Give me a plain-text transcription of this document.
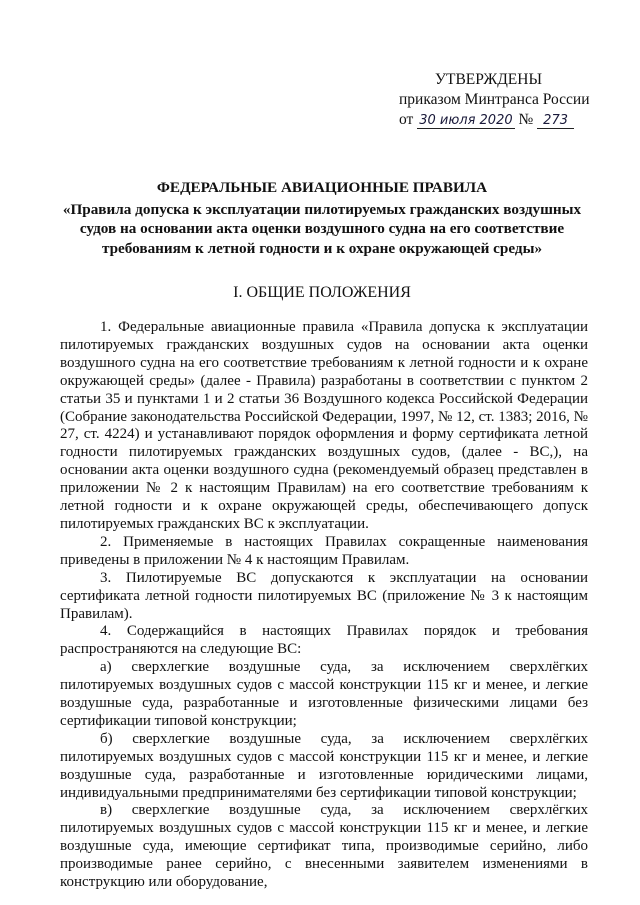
УТВЕРЖДЕНЫ
приказом Минтранса России
от 30 июля 2020 № 273
ФЕДЕРАЛЬНЫЕ АВИАЦИОННЫЕ ПРАВИЛА
«Правила допуска к эксплуатации пилотируемых гражданских воздушных судов на основании акта оценки воздушного судна на его соответствие требованиям к летной годности и к охране окружающей среды»
I. ОБЩИЕ ПОЛОЖЕНИЯ

1. Федеральные авиационные правила «Правила допуска к эксплуатации пилотируемых гражданских воздушных судов на основании акта оценки воздушного судна на его соответствие требованиям к летной годности и к охране окружающей среды» (далее - Правила) разработаны в соответствии с пунктом 2 статьи 35 и пунктами 1 и 2 статьи 36 Воздушного кодекса Российской Федерации (Собрание законодательства Российской Федерации, 1997, № 12, ст. 1383; 2016, № 27, ст. 4224) и устанавливают порядок оформления и форму сертификата летной годности пилотируемых гражданских воздушных судов, (далее - ВС,), на основании акта оценки воздушного судна (рекомендуемый образец представлен в приложении № 2 к настоящим Правилам) на его соответствие требованиям к летной годности и к охране окружающей среды, обеспечивающего допуск пилотируемых гражданских ВС к эксплуатации.

2. Применяемые в настоящих Правилах сокращенные наименования приведены в приложении № 4 к настоящим Правилам.

3. Пилотируемые ВС допускаются к эксплуатации на основании сертификата летной годности пилотируемых ВС (приложение № 3 к настоящим Правилам).

4. Содержащийся в настоящих Правилах порядок и требования распространяются на следующие ВС:

а) сверхлегкие воздушные суда, за исключением сверхлёгких пилотируемых воздушных судов с массой конструкции 115 кг и менее, и легкие воздушные суда, разработанные и изготовленные физическими лицами без сертификации типовой конструкции;

б) сверхлегкие воздушные суда, за исключением сверхлёгких пилотируемых воздушных судов с массой конструкции 115 кг и менее, и легкие воздушные суда, разработанные и изготовленные юридическими лицами, индивидуальными предпринимателями без сертификации типовой конструкции;

в) сверхлегкие воздушные суда, за исключением сверхлёгких пилотируемых воздушных судов с массой конструкции 115 кг и менее, и легкие воздушные суда, имеющие сертификат типа, производимые серийно, либо производимые ранее серийно, с внесенными заявителем изменениями в конструкцию или оборудование,
